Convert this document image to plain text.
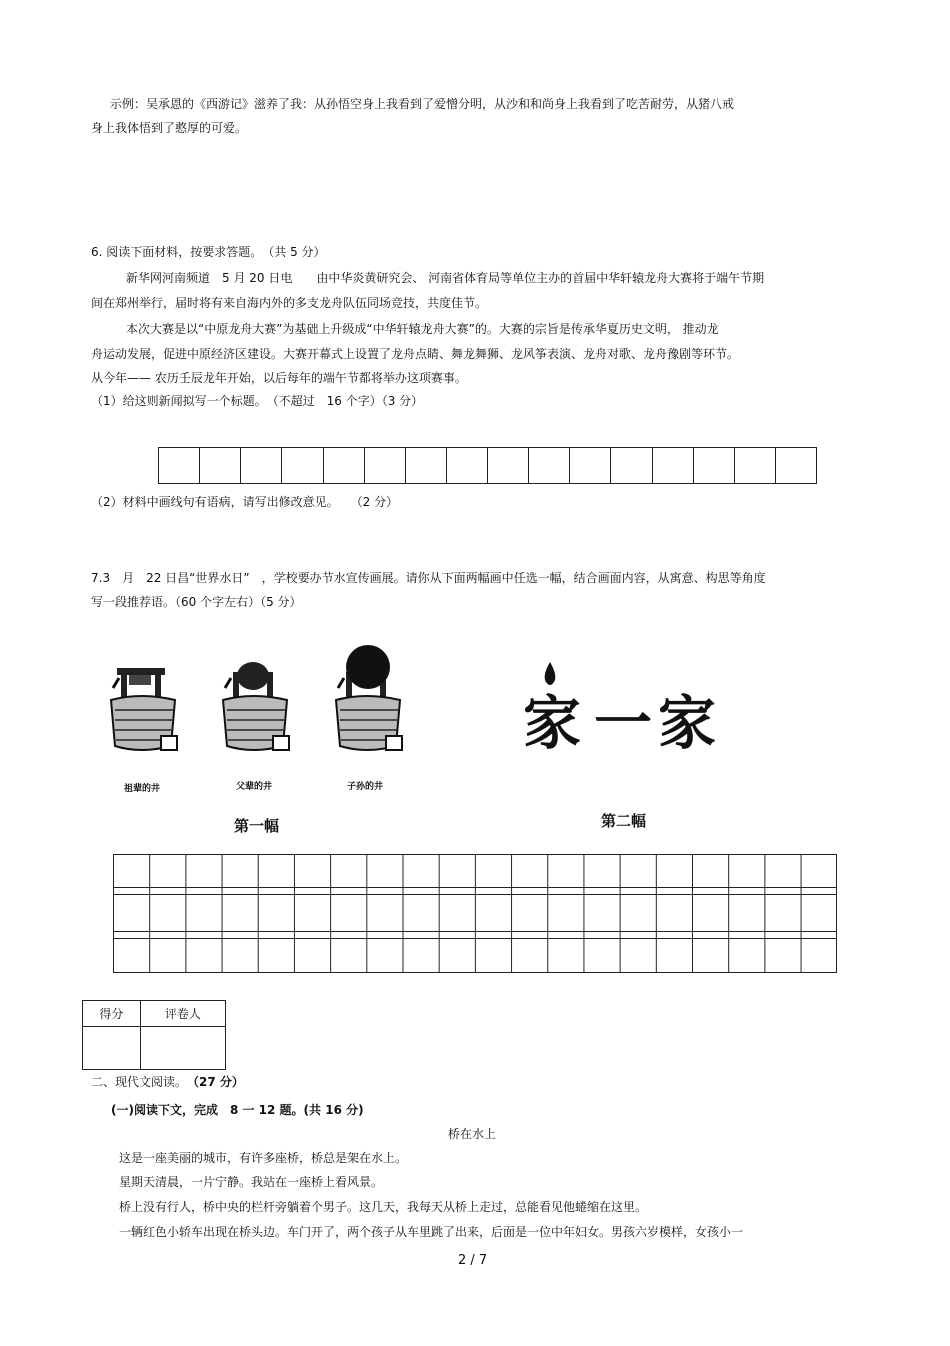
示例：吴承恩的《西游记》滋养了我：从孙悟空身上我看到了爱憎分明，从沙和和尚身上我看到了吃苦耐劳，从猪八戒
身上我体悟到了憨厚的可爱。
6. 阅读下面材料，按要求答题。　（共 5 分）
新华网河南频道　5 月 20 日电　　由中华炎黄研究会、 河南省体育局等单位主办的首届中华轩辕龙舟大赛将于端午节期
间在郑州举行，届时将有来自海内外的多支龙舟队伍同场竞技，共度佳节。
本次大赛是以“中原龙舟大赛”为基础上升级成“中华轩辕龙舟大赛”的。大赛的宗旨是传承华夏历史文明， 推动龙
舟运动发展，促进中原经济区建设。大赛开幕式上设置了龙舟点睛、舞龙舞狮、龙风筝表演、龙舟对歌、龙舟豫剧等环节。
从今年—— 农历壬辰龙年开始，以后每年的端午节都将举办这项赛事。
（1）给这则新闻拟写一个标题。　（不超过　16 个字）（3 分）

（2）材料中画线句有语病，请写出修改意见。　　（2 分）
7.3　月　22 日昌“世界水日”　，学校要办节水宣传画展。请你从下面两幅画中任选一幅，结合画面内容，从寓意、构思等角度
写一段推荐语。（60 个字左右）（5 分）
祖辈的井	父辈的井	子孙的井
第一幅
家 一 家
第二幅
得分	评卷人

二、现代文阅读。 （27 分）
(一)阅读下文，完成　8 一 12 题。(共 16 分)
桥在水上
这是一座美丽的城市，有许多座桥，桥总是架在水上。
星期天清晨，一片宁静。我站在一座桥上看风景。
桥上没有行人，桥中央的栏杆旁躺着个男子。这几天，我每天从桥上走过，总能看见他蜷缩在这里。
一辆红色小轿车出现在桥头边。车门开了，两个孩子从车里跳了出来，后面是一位中年妇女。男孩六岁模样，女孩小一
2 / 7
